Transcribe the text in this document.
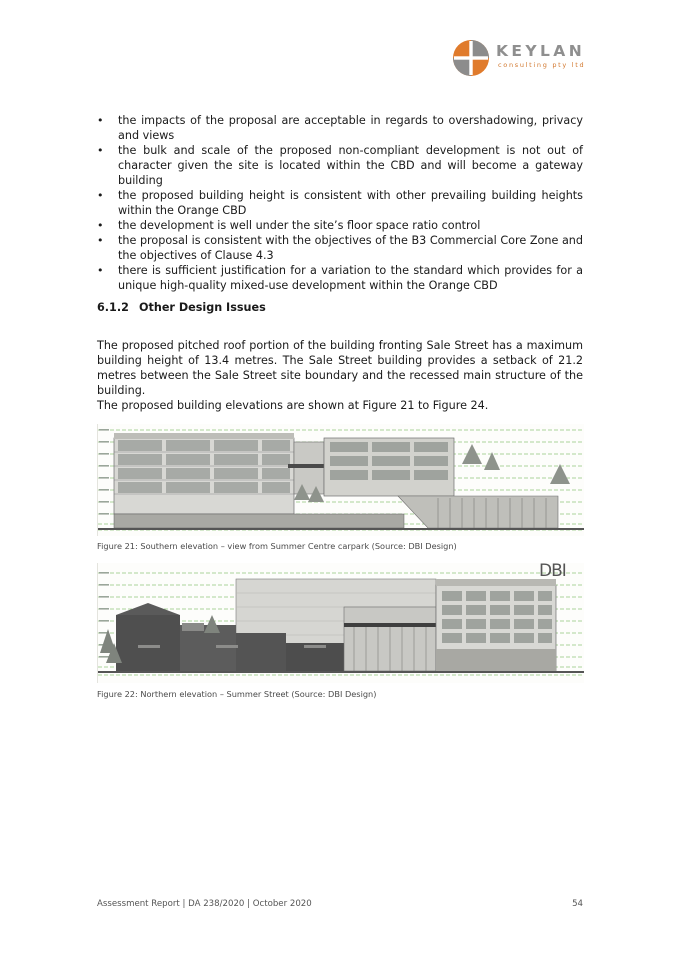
KEYLAN
consulting pty ltd
• the impacts of the proposal are acceptable in regards to overshadowing, privacy and views
• the bulk and scale of the proposed non-compliant development is not out of character given the site is located within the CBD and will become a gateway building
• the proposed building height is consistent with other prevailing building heights within the Orange CBD
• the development is well under the site’s floor space ratio control
• the proposal is consistent with the objectives of the B3 Commercial Core Zone and the objectives of Clause 4.3
• there is sufficient justification for a variation to the standard which provides for a unique high-quality mixed-use development within the Orange CBD
6.1.2 Other Design Issues

The proposed pitched roof portion of the building fronting Sale Street has a maximum building height of 13.4 metres. The Sale Street building provides a setback of 21.2 metres between the Sale Street site boundary and the recessed main structure of the building.

The proposed building elevations are shown at Figure 21 to Figure 24.

Figure 21: Southern elevation – view from Summer Centre carpark (Source: DBI Design)
DBI
Figure 22: Northern elevation – Summer Street (Source: DBI Design)
Assessment Report | DA 238/2020 | October 2020	54
